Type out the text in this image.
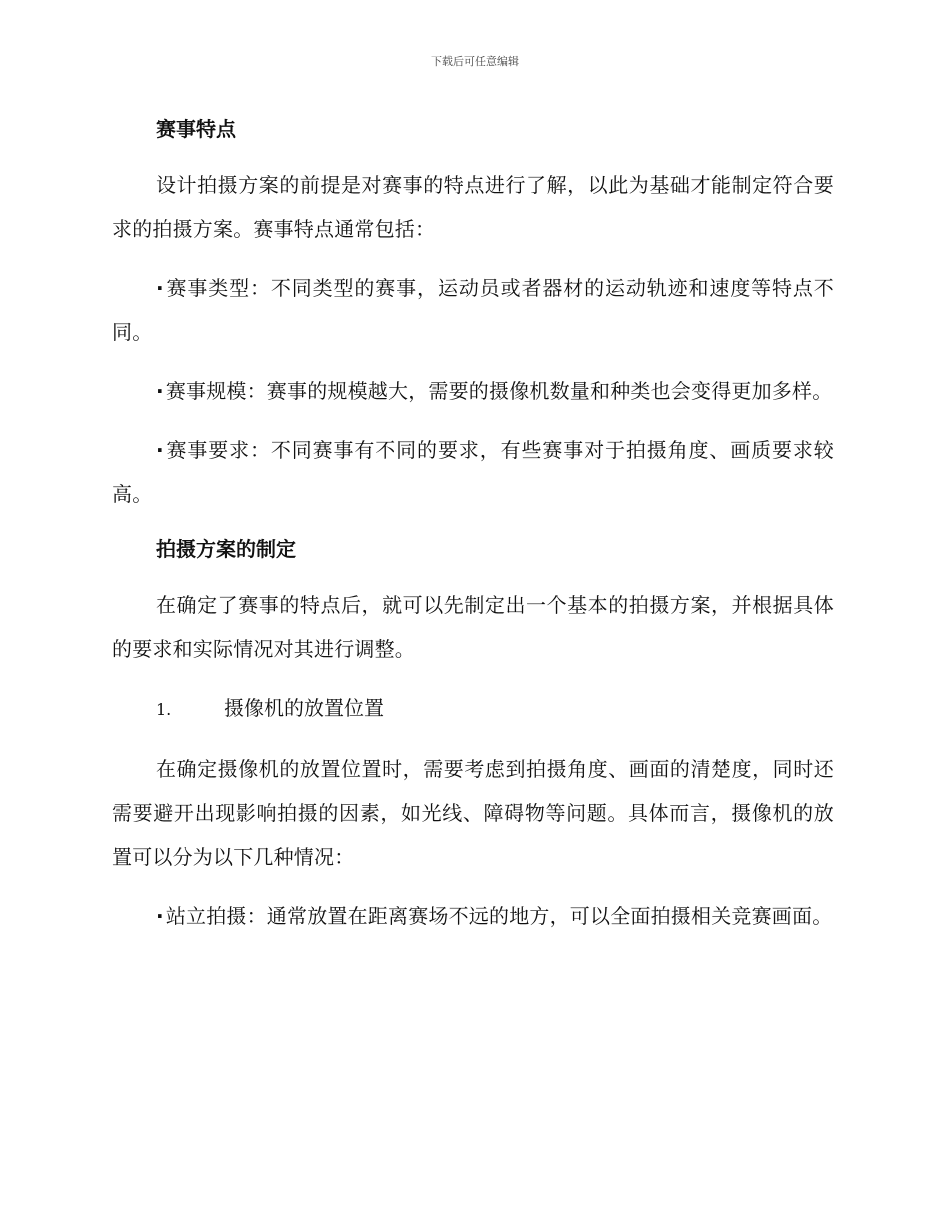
下载后可任意编辑
赛事特点

设计拍摄方案的前提是对赛事的特点进行了解，以此为基础才能制定符合要求的拍摄方案。赛事特点通常包括：

· 赛事类型：不同类型的赛事，运动员或者器材的运动轨迹和速度等特点不同。

· 赛事规模：赛事的规模越大，需要的摄像机数量和种类也会变得更加多样。

· 赛事要求：不同赛事有不同的要求，有些赛事对于拍摄角度、画质要求较高。

拍摄方案的制定

在确定了赛事的特点后，就可以先制定出一个基本的拍摄方案，并根据具体的要求和实际情况对其进行调整。

1.	摄像机的放置位置

在确定摄像机的放置位置时，需要考虑到拍摄角度、画面的清楚度，同时还需要避开出现影响拍摄的因素，如光线、障碍物等问题。具体而言，摄像机的放置可以分为以下几种情况：

· 站立拍摄：通常放置在距离赛场不远的地方，可以全面拍摄相关竞赛画面。
